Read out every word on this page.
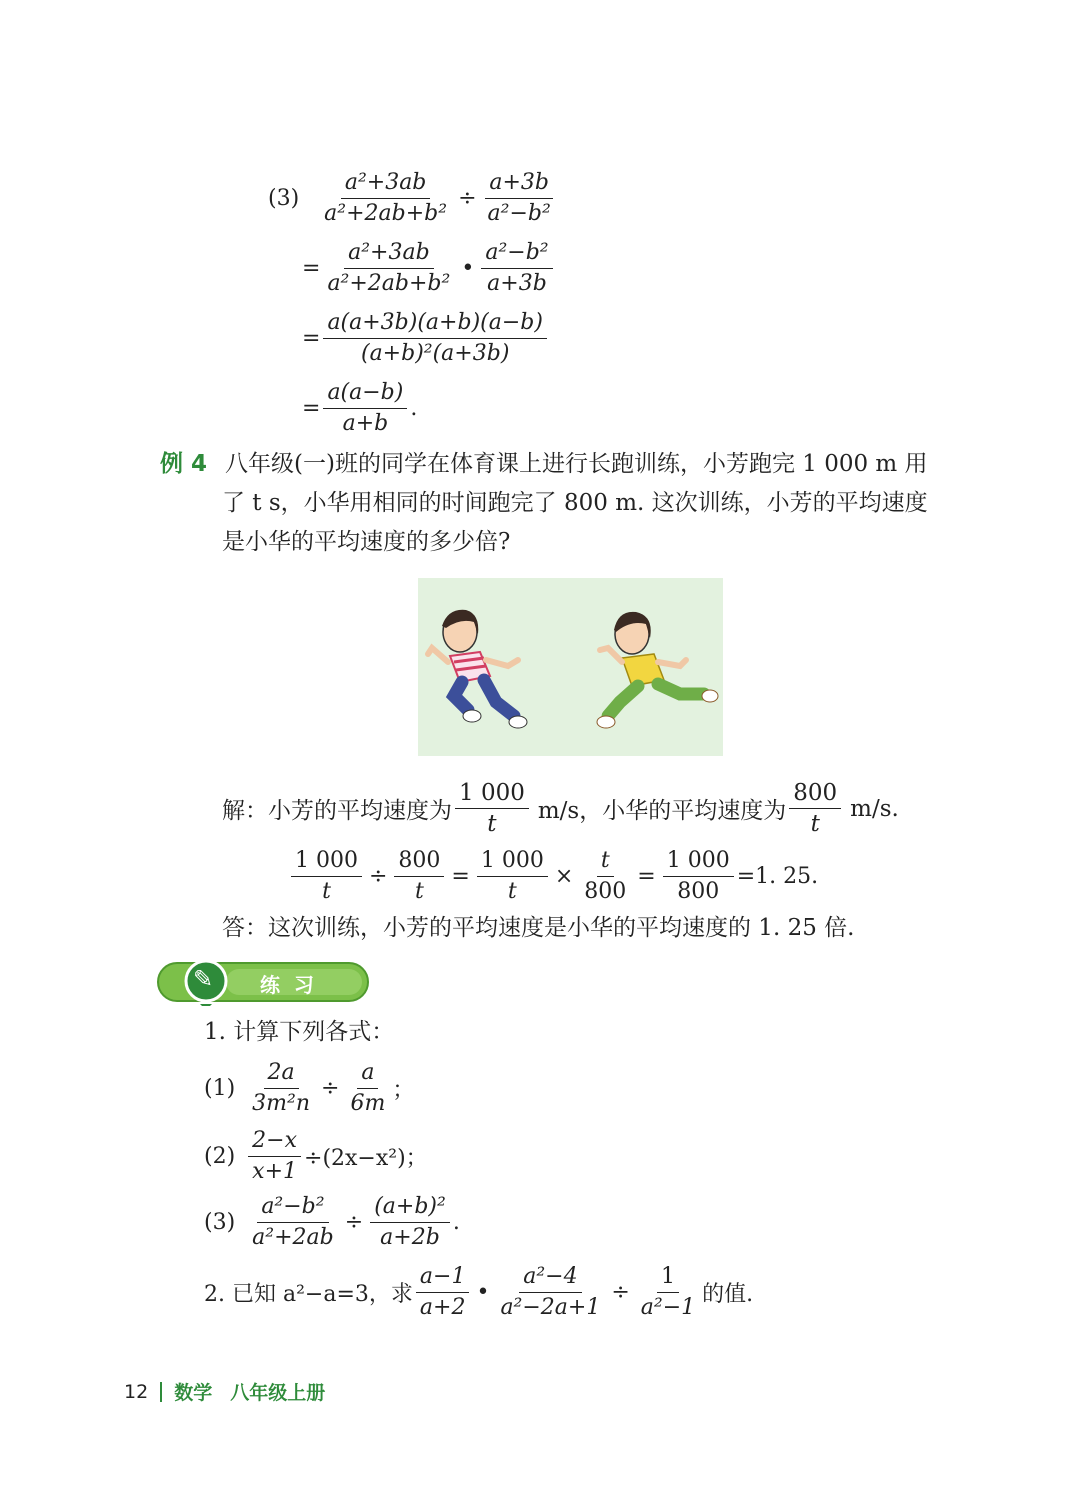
$(3) \frac{\text{a²+3ab}}{\text{a²+2ab+b²}} \div \frac{a+3b}{\text{a²−b²}}$
= $\frac{\text{a²+3ab}}{\text{a²+2ab+b²}}$ • $\frac{\text{a²−b²}}{a+3b}$
= $\frac{a(a+3b)(a+b)(a-b)}{\text{(a+b)²(a+3b)}}$
= $\frac{a(a-b)}{a+b}$ .
例 4 八年级(一)班的同学在体育课上进行长跑训练，小芳跑完 1 000 m 用
了 t s，小华用相同的时间跑完了 800 m. 这次训练，小芳的平均速度
是小华的平均速度的多少倍?
解：小芳的平均速度为 $\frac{1 000}{t} m/s$，小华的平均速度为 $\frac{800}{t} m/s$.
$\frac{1 000}{t} \div \frac{800}{t} = \frac{1 000}{t} \times \frac{t}{800} = \frac{1 000}{800} =1$. 25.
答：这次训练，小芳的平均速度是小华的平均速度的 1. 25 倍.
✎ 练  习
1. 计算下列各式：
$(1) \frac{2a}{\text{3m²n}} \div \frac{a}{6m}$ ；
$(2) \frac{2-x}{x+1} \div(2x-x^2)$；
$(3) \frac{\text{a²−b²}}{\text{a²+2ab}} \div \frac{\text{(a+b)²}}{a+2b}$ .
2. 已知 a²−a=3，求 $\frac{a-1}{a+2}$ • $\frac{\text{a²−4}}{\text{a²−2a+1}} \div \frac{1}{\text{a²−1}}$ 的值.
12 数学 八年级上册
